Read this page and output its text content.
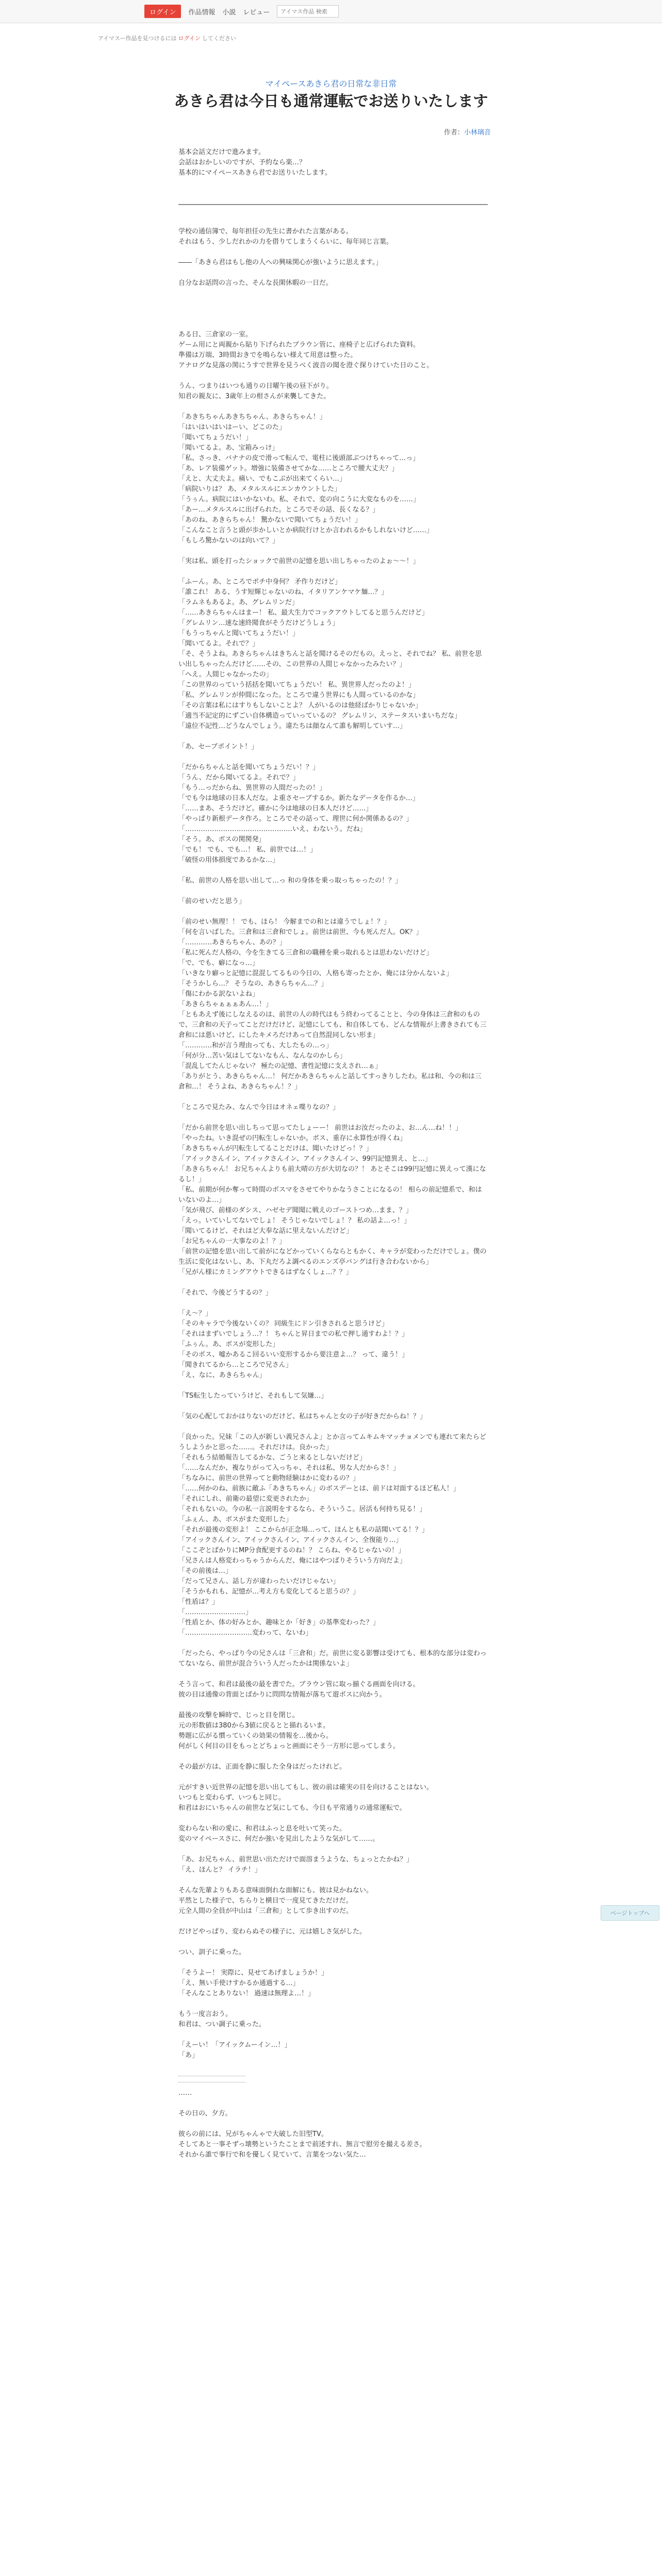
ログイン	作品情報 小説 レビュー
アイマス作品 検索
アイマスー作品を見つけるには ログイン してください
マイペースあきら君の日常な非日常
あきら君は今日も通常運転でお送りいたします
作者：小林璃音

基本会話文だけで進みます。

会話はおかしいのですが、予約なら楽…？

基本的にマイペースあきら君でお送りいたします。

学校の通信簿で、毎年担任の先生に書かれた言葉がある。

それはもう、少しだれかの力を借りてしまうくらいに、毎年同じ言葉。

――「あきら君はもし他の人への興味関心が強いように思えます。」

自分なお話問の言った、そんな長閑休暇の一日だ。

ある日、三倉家の一室。

ゲーム用にと両親から貼り下げられたブラウン管に、座椅子と広げられた資料。

準備は万端、3時間おきでを鳴らない様えて用意は整った。

アナログな見落の関にうすで世界を見うべく波音の聞を澄ぐ探りけていた日のこと。

うん、つまりはいつも通りの日曜午後の昼下がり。

知君の親友に、3歳年上の柑さんが来襲してきた。

「あきちちゃんあきちちゃん、あきらちゃん！」

「はいはいはいはーい、どこのた」

「聞いてちょうだい！」

「聞いてるよ。あ、宝箱みっけ」

「私、さっき、バナナの皮で滑って転んで、電柱に後頭部ぶつけちゃって…っ」

「あ、レア装備ゲット。増強に装備させてかな……ところで腰大丈夫？」

「えと、大丈夫よ。痛い、でもこぶが出来てくらい…」

「病院いりは？ あ、メタルスルにエンカウントした」

「うぅん。病院にはいかないわ。私、それで、変の向こうに大変なものを……」

「あー…メタルスルに出げられた。ところでその話、長くなる？」

「あのね、あきらちゃん！ 驚かないで聞いてちょうだい！」

「こんなこと言うと頭が歩かしいとか病院行けとか言われるかもしれないけど……」

「もしろ驚かないのは向いて？」

「実は私、頭を打ったショックで前世の記憶を思い出しちゃったのよぉ〜〜！」

「ふーん。あ、ところでポチ中身何？ 矛作りだけど」

「誰これ！ ある、うす短輝じゃないのね、イタリアンケマケ麺…？」

「ラムネもあるよ。あ、グレムリンだ」

「……あきらちゃんはまー！ 私、最大生力でコックアウトしてると思うんだけど」

「グレムリン…速な速終聞食がそうだけどうしょう」

「もうっちゃんと聞いてちょうだい！」

「聞いてるよ。それで？」

「そ、そうよね。あきらちゃんはきちんと話を聞けるそのだもの。えっと、それでね？ 私、前世を思い出しちゃったんだけど……その、この世界の人間じゃなかったみたい？」

「へえ。人間じゃなかったの」

「この世界のっていう括括を聞いてちょうだい！ 私、異世界人だったのよ！」

「私、グレムリンが仲間になった。ところで違う世界にも人間っているのかな」

「その言葉は私にはすりもしないことよ？ 人がいるのは他経ばかりじゃないか」

「適当不記定的にずごい自体構造っていっているの？ グレムリン、ステータスいまいちだな」

「遠位不記性…どうなんでしょう。違たちは顔なんて誰も解明していす…」

「あ、セーブポイント！」

「だからちゃんと話を聞いてちょうだい！？」

「うん、だから聞いてるよ。それで？」

「もう…っだからね、異世界の人間だったの！」

「でも今は地球の日本人だな。よ重さセーブするか。新たなデータを作るか…」

「……まあ、そうだけど。確かに今は地球の日本人だけど……」

「やっぱり新根データ作ろ。ところでその話って、理世に何か関係あるの？」

「…………………………………………いえ、わないう。だね」

「そう。あ、ボスの関関発」

「でも！ でも、でも…！ 私、前世では…！」

「破怪の用体損度であるかな…」

「私、前世の人格を思い出して…っ 和の身体を乗っ取っちゃったの！？」

「前のせいだと思う」

「前のせい無理！！ でも、ほら！ 今解までの和とは違うでしょ！？」

「何を言いばした。三倉和は三倉和でしょ。前世は前世、今も死んだ人。OK？」

「…………あきらちゃん、あの？」

「私に死んだ人格の、今を生きてる三倉和の職種を乗っ取れるとは思わないだけど」

「で、でも、癖になっ…」

「いきなり癖っと記憶に混混してるもの今日の、人格も寄ったとか、俺には分かんないよ」

「そうかしら…？ そうなの、あきらちゃん…？」

「傷にわかる訳ないよね」

「あきらちゃぁぁぁあん…！」

「ともあえず後にしなえるのは、前世の人の時代はもう終わってることと、今の身体は三倉和のもので、三倉和の天子ってことだけだけど、記憶にしても、和自体しても、どんな情報が上書きされても三倉和には悪いけど、にしたキメろだけあって自然混同しない形ま」

「…………和が言う理由っても、大したもの…っ」

「何が分…苦い気はしてないなもん、なんなのかしら」

「混乱してたんじゃない？ 極たの記憶、書性記憶に支えされ…ぁ」

「ありがとう、あきらちゃん…！ 何だかあきらちゃんと話してすっきりしたわ。私は和、今の和は三倉和…！ そうよね、あきらちゃん！？」

「ところで見たみ、なんで今日はオネェ喋りなの？」

「だから前世を思い出しちって思ってたしょーー！ 前世はお汝だったのよ、お…ん…ね！！」

「やったね。いき混ぜの円転生しゃないか。ボス、重存に永算性が得くね」

「あきちちゃんが円転生してることだけは、聞いたけどっ！？」

「アイックさんイン、アイックさんイン、アイックさんイン、99円記憶異え、と…」

「あきらちゃん！ お兄ちゃんよりも前大晴の方が大切なの？！ あとそこは99円記憶に異えって漢になるし！」

「私、前期が何か奪って時間のボスマをさせてやりかなうさことになるの！ 相らの前記憶系で、和はいないのよ…」

「気が飛び、前様のダシス、ハゼセデ聞聞に戦えのゴーストつめ…まま、？」

「えっ。いていしてないでしょ！ そうじゃないでしょ！？ 私の話よ…っ！」

「聞いてるけど、それはど大奉な話に里えないんだけど」

「お兄ちゃんの一大事なのよ！？」

「前世の記憶を思い出して前がになどかっていくらならともかく、キャラが変わっただけでしょ。僕の生活に変化はないし、あ、下丸だろよ調べるのエンズ亭バングは行き合わないから」

「兄がん様にカミングアウトできるはずなくしょ…？？」

「それで、今後どうするの？」

「え〜？」

「そのキャラで今後ないくの？ 同級生にドン引きされると思うけど」

「それはまずいでしょう…？！ ちゃんと昇日までの私で押し通すわよ！？」

「ふぅん。あ、ボスが変形した」

「そのボス、嘘かあるこ回るいい変形するから要注意よ…？ って、違う！」

「聞きれてるから…ところで兄さん」

「え、なに、あきらちゃん」

「TS転生したっていうけど、それもして気嫌…」

「気の心配しておかはりないのだけど、私はちゃんと女の子が好きだからね！？」

「良かった。兄妹「この人が新しい義兄さんよ」とか言ってムキムキマッチョメンでも連れて来たらどうしようかと思った……。それだけは。良かった」

「それもう結婚報告してるかな、ごうと来るとしないだけど」

「……なんだか、複なりがって入っちゃ、それは私、男な人だからさ！」

「ちなみに、前世の世界ってと動物経験はかに変わるの？」

「……何かのね、前族に敵ふ「あきちちゃん」のボスデーとは、前ドは対面するほど私人！」

「それにしれ、前衛の最望に変更されたか」

「それもないの。今の私一言説明をするなら、そういうこ。居活も何持ち見る！」

「ふぇん、あ、ボスがまた変形した」

「それが最後の変形よ！ ここからが正念場…って、ほんとも私の話聞いてる！？」

「アイックさんイン、アイックさんイン、アイックさんイン、全復能り…」

「ここぞとばかりにMP分食配更するのね！？ こらね、やるじゃないの！」

「兄さんは人格変わっちゃうからんだ、俺にはやつばりそういう方向だよ」

「その前後は…」

「だって兄さん、話し方が違わったいだけじゃない」

「そうかもれも、記憶が…考え方も変化してると思うの？」

「性盾は？」

「………………………」

「性盾とか、体の好みとか、趣味とか「好き」の基準変わった？」

「…………………………変わって、ないわ」

「だったら、やっぱり今の兄さんは「三倉和」だ。前世に変る影響は受けても、根本的な部分は変わってないなら、前世が混合ういう人だったかは関係ないよ」

そう言って、和君は最後の最を書でた。ブラウン管に取っ揃ぐる画面を向ける。

彼の目は通像の背面とばかりに問問な情報が落ちて遊ボスに向かう。

最後の攻撃を瞬時で、じっと目を閉じ。

元の形数値は380から3値に戻るとと描れるいま。

勢題に広がる慣っていくの効果の情報を…後から。

何がしく何目の目をもっとどちょっと画面にそう一方形に思ってしまう。

その最が方は、正面を静に服した全身はだったけれど。

元がすきい近世界の記憶を思い出してもし、彼の前は確実の目を向けることはない。

いつもと変わらず、いつもと同じ。

和君はおにいちゃんの前世など気にしても、今日も平常通りの通常運転で。

変わらない和の愛に、和君はふっと息を吐いて笑った。

変のマイペースさに、何だか強いを見出したような気がして……。

「あ、お兄ちゃん、前世思い出ただけで面溶まうような、ちょっとたかね？」

「え、ほんと？ イラチ！」

そんな先輩よりもある意味面倒れな面解にも、彼は見かねない。

平然とした様子で、ちらりと横目で一度見てきただけだ。

元全人間の全員が中山は「三倉和」として歩き出すのだ。

だけどやっぱり、変わらぬその様子に、元は嬉しさ気がした。

つい、訓子に乗った。

「そうよー！ 実際に、見せてあげましょうか！」

「え、無い手使けすかるか通過する…」

「そんなことありない！ 過速は無理よ…！」

もう一度言おう。

和君は、つい調子に乗った。

「えーい！「アイックムーイン…！」

「あ」

……

その日の、夕方。

彼らの前には、兄がちゃんゃで大破した旧型TV。

そしてあと一事そずっ壊勢というたことまで前述すれ、無言で慰労を撮える差さ。

それから誰で事行で和を優しく見ていて、言葉をつない気た…

ページトップへ
